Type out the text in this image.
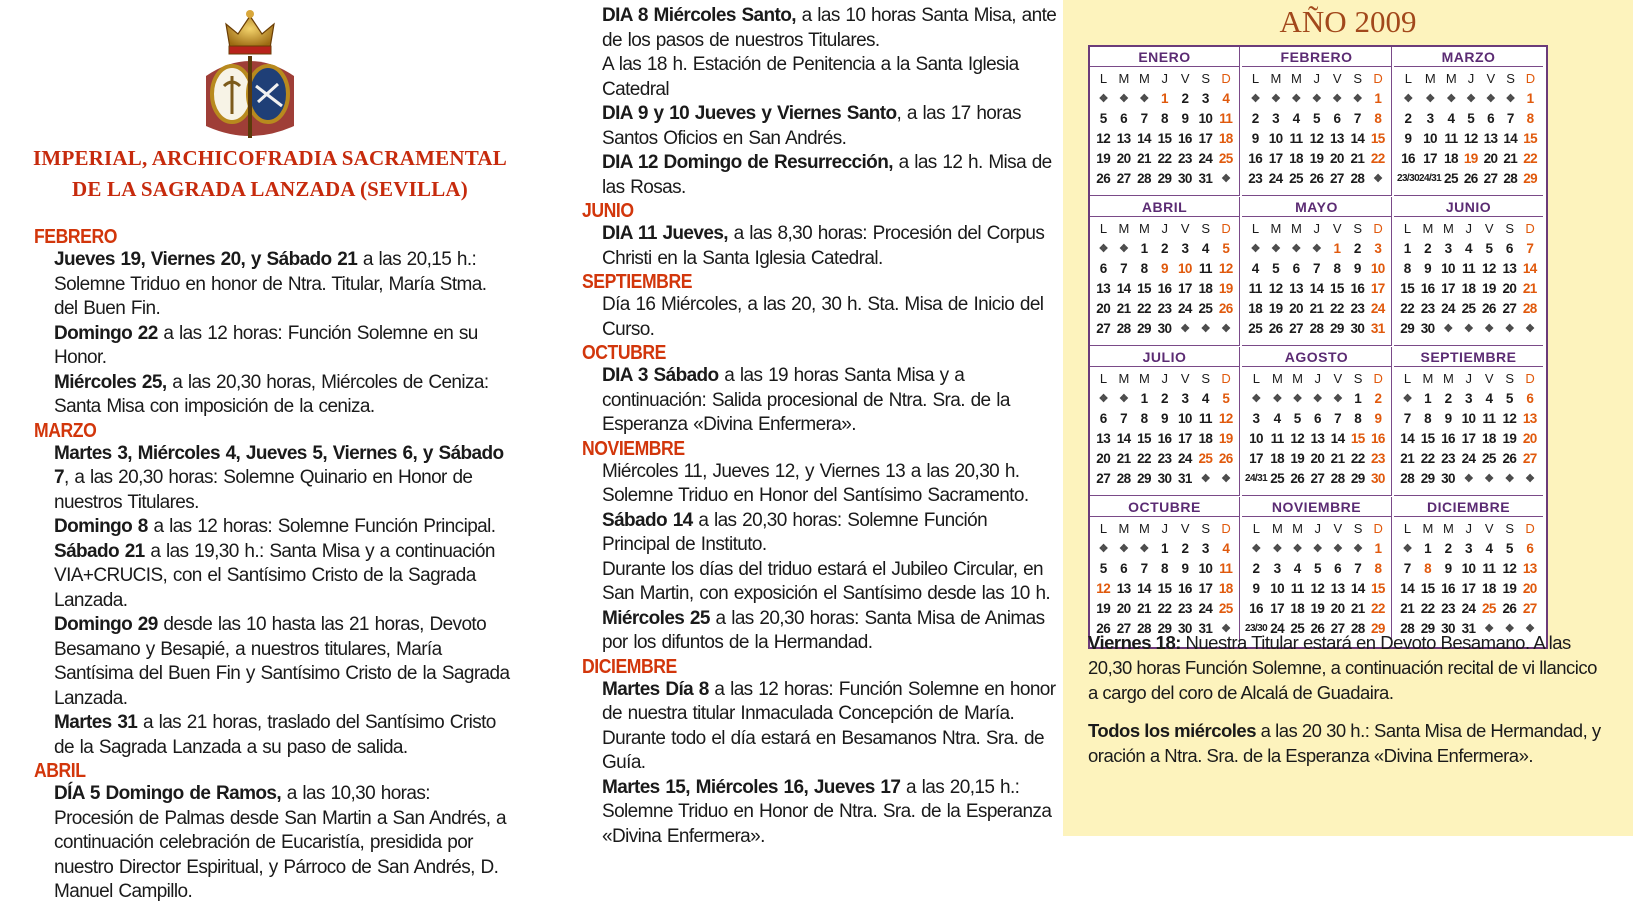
IMPERIAL, ARCHICOFRADIA SACRAMENTAL
DE LA SAGRADA LANZADA (SEVILLA)
FEBRERO
Jueves 19, Viernes 20, y Sábado 21 a las 20,15 h.: Solemne Triduo en honor de Ntra. Titular, María Stma. del Buen Fin.
Domingo 22 a las 12 horas: Función Solemne en su Honor.
Miércoles 25, a las 20,30 horas, Miércoles de Ceniza: Santa Misa con imposición de la ceniza.
MARZO
Martes 3, Miércoles 4, Jueves 5, Viernes 6, y Sábado 7, a las 20,30 horas: Solemne Quinario en Honor de nuestros Titulares.
Domingo 8 a las 12 horas: Solemne Función Principal.
Sábado 21 a las 19,30 h.: Santa Misa y a continuación VIA+CRUCIS, con el Santísimo Cristo de la Sagrada Lanzada.
Domingo 29 desde las 10 hasta las 21 horas, Devoto Besamano y Besapié, a nuestros titulares, María Santísima del Buen Fin y Santísimo Cristo de la Sagrada Lanzada.
Martes 31 a las 21 horas, traslado del Santísimo Cristo de la Sagrada Lanzada a su paso de salida.
ABRIL
DÍA 5 Domingo de Ramos, a las 10,30 horas: Procesión de Palmas desde San Martin a San Andrés, a continuación celebración de Eucaristía, presidida por nuestro Director Espiritual, y Párroco de San Andrés, D. Manuel Campillo.
DIA 8 Miércoles Santo, a las 10 horas Santa Misa, ante de los pasos de nuestros Titulares.
A las 18 h. Estación de Penitencia a la Santa Iglesia Catedral
DIA 9 y 10 Jueves y Viernes Santo, a las 17 horas Santos Oficios en San Andrés.
DIA 12 Domingo de Resurrección, a las 12 h. Misa de las Rosas.
JUNIO
DIA 11 Jueves, a las 8,30 horas: Procesión del Corpus Christi en la Santa Iglesia Catedral.
SEPTIEMBRE
Día 16 Miércoles, a las 20, 30 h. Sta. Misa de Inicio del Curso.
OCTUBRE
DIA 3 Sábado a las 19 horas Santa Misa y a continuación: Salida procesional de Ntra. Sra. de la Esperanza «Divina Enfermera».
NOVIEMBRE
Miércoles 11, Jueves 12, y Viernes 13 a las 20,30 h. Solemne Triduo en Honor del Santísimo Sacramento.
Sábado 14 a las 20,30 horas: Solemne Función Principal de Instituto.
Durante los días del triduo estará el Jubileo Circular, en San Martin, con exposición el Santísimo desde las 10 h.
Miércoles 25 a las 20,30 horas: Santa Misa de Animas por los difuntos de la Hermandad.
DICIEMBRE
Martes Día 8 a las 12 horas: Función Solemne en honor de nuestra titular Inmaculada Concepción de María.
Durante todo el día estará en Besamanos Ntra. Sra. de Guía.
Martes 15, Miércoles 16, Jueves 17 a las 20,15 h.: Solemne Triduo en Honor de Ntra. Sra. de la Esperanza «Divina Enfermera».
AÑO 2009
ENERO
L M M J	V S D
❖	❖	❖ 1	2	3	4
5	6	7	8	9 10 11
12 13 14 15 16 17 18
19 20 21 22 23 24 25
26 27 28 29 30 31 ❖
FEBRERO
L M M J	V S D
❖	❖	❖	❖	❖	❖ 1
2	3	4	5	6	7	8
9 10 11 12 13 14 15
16 17 18 19 20 21 22
23 24 25 26 27 28 ❖
MARZO
L	M M J V S D
❖	❖	❖ ❖ ❖ ❖ 1
2	3	4 5 6 7 8
9 10 11 12 13 14 15
16 17 18 19 20 21 22
23/30 24/31 25 26 27 28 29
ABRIL
L M M J	V S D
❖	❖ 1	2	3	4	5
6	7	8	9 10 11 12
13 14 15 16 17 18 19
20 21 22 23 24 25 26
27 28 29 30 ❖	❖	❖
MAYO
L M M J	V S D
❖	❖	❖	❖ 1	2	3
4	5	6	7	8	9 10
11 12 13 14 15 16 17
18 19 20 21 22 23 24
25 26 27 28 29 30 31
JUNIO
L M M J	V S D
1	2	3	4	5	6	7
8	9 10 11 12 13 14
15 16 17 18 19 20 21
22 23 24 25 26 27 28
29 30 ❖	❖	❖	❖	❖
JULIO
L M M J	V S D
❖	❖ 1	2	3	4	5
6	7	8	9 10 11 12
13 14 15 16 17 18 19
20 21 22 23 24 25 26
27 28 29 30 31 ❖	❖
AGOSTO
L M M J	V S D
❖	❖ ❖ ❖ ❖ 1 2
3	4 5 6 7 8 9
10 11 12 13 14 15 16
17 18 19 20 21 22 23
24/31 25 26 27 28 29 30
SEPTIEMBRE
L M M J	V S D
❖ 1	2	3	4	5	6
7	8	9 10 11 12 13
14 15 16 17 18 19 20
21 22 23 24 25 26 27
28 29 30 ❖	❖	❖	❖
OCTUBRE
L M M J	V S D
❖	❖	❖ 1	2	3	4
5	6	7	8	9 10 11
12 13 14 15 16 17 18
19 20 21 22 23 24 25
26 27 28 29 30 31 ❖
NOVIEMBRE
L M M J	V S D
❖	❖ ❖ ❖ ❖ ❖ 1
2	3 4 5 6 7 8
9 10 11 12 13 14 15
16 17 18 19 20 21 22
23/30 24 25 26 27 28 29
DICIEMBRE
L M M J	V S D
❖ 1	2	3	4	5	6
7	8	9 10 11 12 13
14 15 16 17 18 19 20
21 22 23 24 25 26 27
28 29 30 31 ❖	❖	❖
Viernes 18: Nuestra Titular estará en Devoto Besamano. A las 20,30 horas Función Solemne, a continuación recital de vi llancico a cargo del coro de Alcalá de Guadaira.
Todos los miércoles a las 20 30 h.: Santa Misa de Hermandad, y oración a Ntra. Sra. de la Esperanza «Divina Enfermera».
